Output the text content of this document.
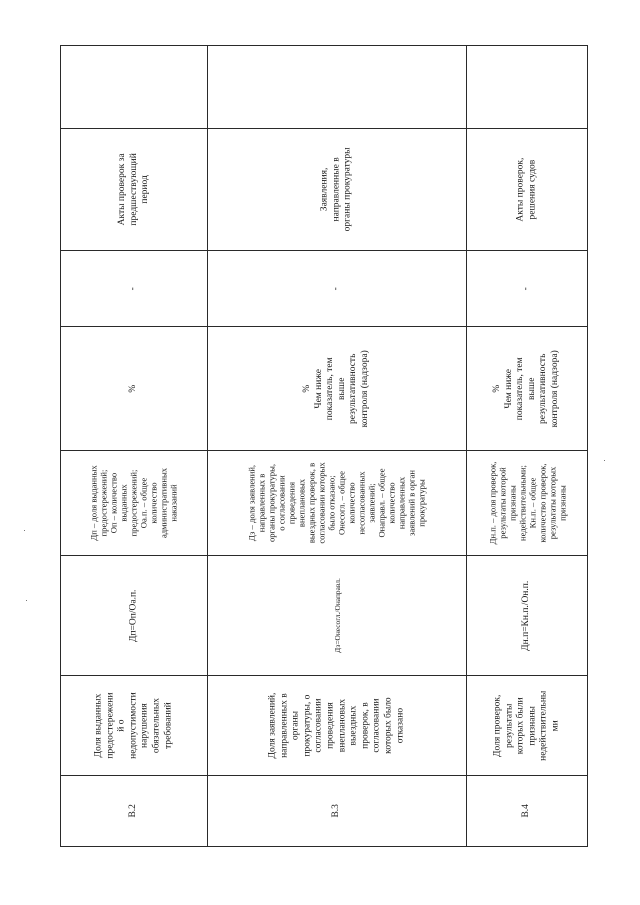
B.2
Доля выданных
предостережени
й о
недопустимости
нарушения
обязательных
требований
Дп=Оп/Оа.п.
Дп – доля выданных
предостережений;
Оп – количество
выданных
предостережений;
Оа.п. – общее
количество
административных
наказаний
%
-
Акты проверок за
предшествующий
период
B.3
Доля заявлений,
направленных в
органы
прокуратуры, о
согласовании
проведения
внеплановых
выездных
проверок, в
согласовании
которых было
отказано
Дз=Онесогл./Онаправл.
Дз – доля заявлений,
направленных в
органы прокуратуры,
о согласовании
проведения
внеплановых
выездных проверок, в
согласовании которых
было отказано;
Онесогл. – общее
количество
несогласованных
заявлений;
Онаправл. – общее
количество
направленных
заявлений в орган
прокуратуры
%
Чем ниже
показатель, тем
выше
результативность
контроля (надзора)
-
Заявления,
направленные в
органы прокуратуры
B.4
Доля проверок,
результаты
которых были
признаны
недействительны
ми
Дн.п=Кн.п./Он.п.
Дн.п. – доля проверок,
результаты которой
признаны
недействительными;
Кн.п. – общее
количество проверок,
результаты которых
признаны
%
Чем ниже
показатель, тем
выше
результативность
контроля (надзора)
-
Акты проверок,
решения судов
